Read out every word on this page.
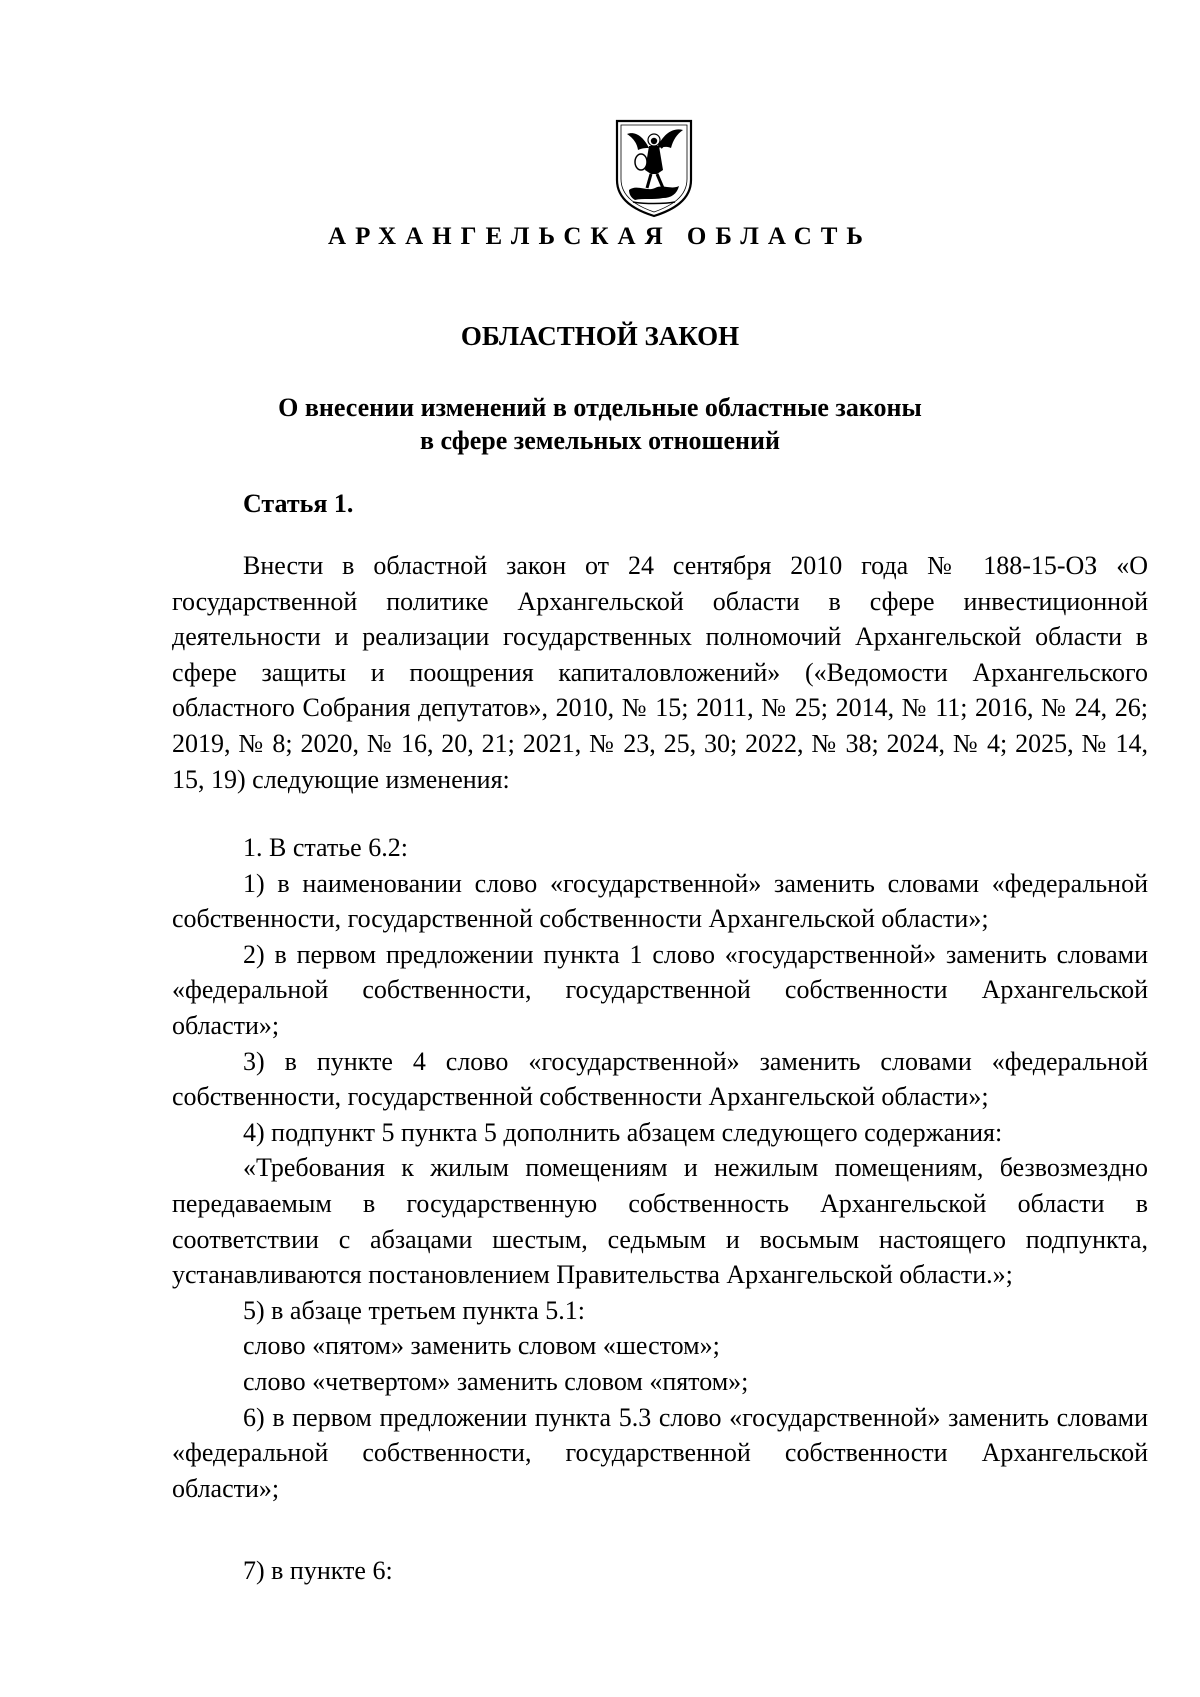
АРХАНГЕЛЬСКАЯ ОБЛАСТЬ
ОБЛАСТНОЙ ЗАКОН
О внесении изменений в отдельные областные законы
в сфере земельных отношений
Статья 1.

Внести в областной закон от 24 сентября 2010 года № 188-15-ОЗ «О государственной политике Архангельской области в сфере инвестиционной деятельности и реализации государственных полномочий Архангельской области в сфере защиты и поощрения капиталовложений» («Ведомости Архангельского областного Собрания депутатов», 2010, № 15; 2011, № 25; 2014, № 11; 2016, № 24, 26; 2019, № 8; 2020, № 16, 20, 21; 2021, № 23, 25, 30; 2022, № 38; 2024, № 4; 2025, № 14, 15, 19) следующие изменения:

1. В статье 6.2:

1) в наименовании слово «государственной» заменить словами «федеральной собственности, государственной собственности Архангельской области»;

2) в первом предложении пункта 1 слово «государственной» заменить словами «федеральной собственности, государственной собственности Архангельской области»;

3) в пункте 4 слово «государственной» заменить словами «федеральной собственности, государственной собственности Архангельской области»;

4) подпункт 5 пункта 5 дополнить абзацем следующего содержания:

«Требования к жилым помещениям и нежилым помещениям, безвозмездно передаваемым в государственную собственность Архангельской области в соответствии с абзацами шестым, седьмым и восьмым настоящего подпункта, устанавливаются постановлением Правительства Архангельской области.»;

5) в абзаце третьем пункта 5.1:

слово «пятом» заменить словом «шестом»;

слово «четвертом» заменить словом «пятом»;

6) в первом предложении пункта 5.3 слово «государственной» заменить словами «федеральной собственности, государственной собственности Архангельской области»;

7) в пункте 6:
